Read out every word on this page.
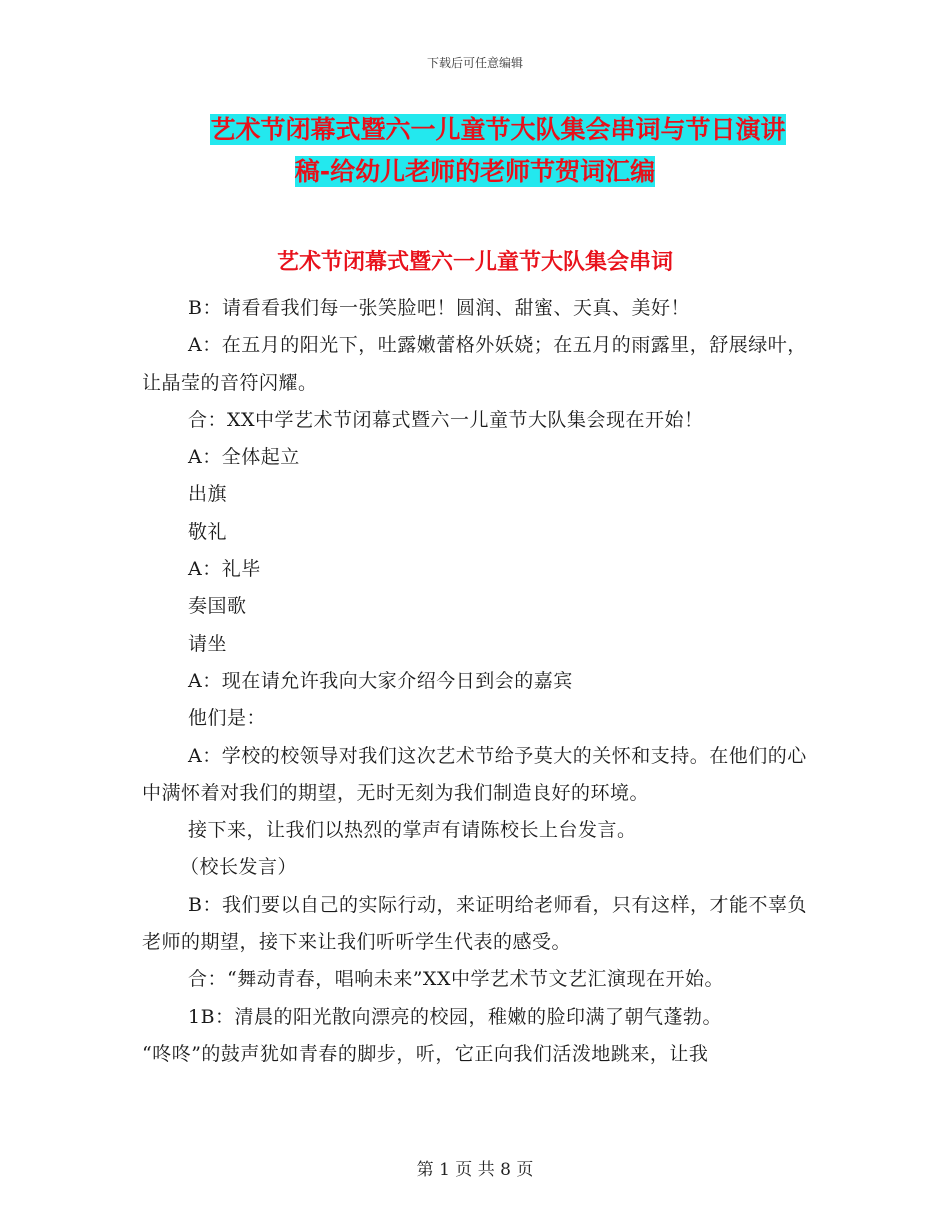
下载后可任意编辑
艺术节闭幕式暨六一儿童节大队集会串词与节日演讲
稿-给幼儿老师的老师节贺词汇编
艺术节闭幕式暨六一儿童节大队集会串词

B：请看看我们每一张笑脸吧！圆润、甜蜜、天真、美好！

A：在五月的阳光下，吐露嫩蕾格外妖娆；在五月的雨露里，舒展绿叶，让晶莹的音符闪耀。

合：XX中学艺术节闭幕式暨六一儿童节大队集会现在开始！

A：全体起立

出旗

敬礼

A：礼毕

奏国歌

请坐

A：现在请允许我向大家介绍今日到会的嘉宾

他们是：

A：学校的校领导对我们这次艺术节给予莫大的关怀和支持。在他们的心中满怀着对我们的期望，无时无刻为我们制造良好的环境。

接下来，让我们以热烈的掌声有请陈校长上台发言。

（校长发言）

B：我们要以自己的实际行动，来证明给老师看，只有这样，才能不辜负老师的期望，接下来让我们听听学生代表的感受。

合：“舞动青春，唱响未来”XX中学艺术节文艺汇演现在开始。

1B：清晨的阳光散向漂亮的校园，稚嫩的脸印满了朝气蓬勃。

“咚咚”的鼓声犹如青春的脚步，听，它正向我们活泼地跳来，让我

第 1 页 共 8 页
